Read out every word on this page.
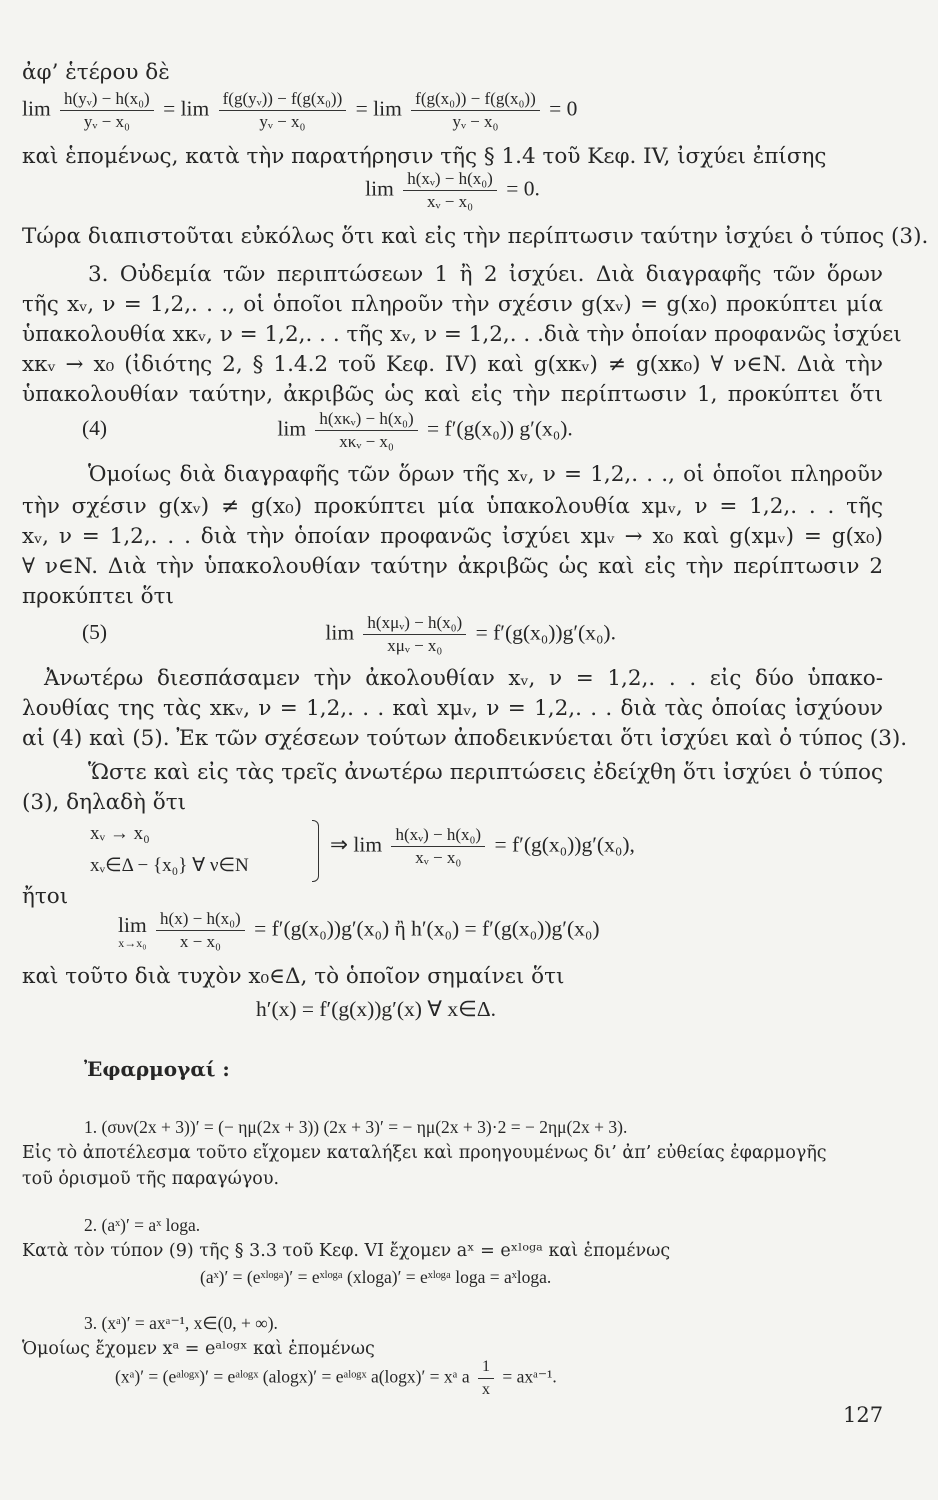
ἀφ’ ἑτέρου δὲ
$\lim \frac{\text{h(yᵥ) − h(x₀)}}{\text{yᵥ − x₀}} = \lim \frac{\text{f(g(yᵥ)) − f(g(x₀))}}{\text{yᵥ − x₀}} = \lim \frac{\text{f(g(x₀)) − f(g(x₀))}}{\text{yᵥ − x₀}} = 0$
καὶ ἑπομένως, κατὰ τὴν παρατήρησιν τῆς § 1.4 τοῦ Κεφ. IV, ἰσχύει ἐπίσης
$\lim \frac{\text{h(xᵥ) − h(x₀)}}{\text{xᵥ − x₀}} = 0$.
Τώρα διαπιστοῦται εὐκόλως ὅτι καὶ εἰς τὴν περίπτωσιν ταύτην ἰσχύει ὁ τύπος (3).
3. Οὐδεμία τῶν περιπτώσεων 1 ἢ 2 ἰσχύει. Διὰ διαγραφῆς τῶν ὅρων
τῆς xᵥ, ν = 1,2,. . ., οἱ ὁποῖοι πληροῦν τὴν σχέσιν g(xᵥ) = g(x₀) προκύπτει μία
ὑπακολουθία xκᵥ, ν = 1,2,. . . τῆς xᵥ, ν = 1,2,. . .διὰ τὴν ὁποίαν προφανῶς ἰσχύει
xκᵥ → x₀ (ἰδιότης 2, § 1.4.2 τοῦ Κεφ. IV) καὶ g(xκᵥ) ≠ g(xκ₀) ∀ ν∈N. Διὰ τὴν
ὑπακολουθίαν ταύτην, ἀκριβῶς ὡς καὶ εἰς τὴν περίπτωσιν 1, προκύπτει ὅτι
(4)	lim h(xκᵥ) − h(x₀)
xκᵥ − x₀
= f′(g(x₀)) g′(x₀).
Ὁμοίως διὰ διαγραφῆς τῶν ὅρων τῆς xᵥ, ν = 1,2,. . ., οἱ ὁποῖοι πληροῦν
τὴν σχέσιν g(xᵥ) ≠ g(x₀) προκύπτει μία ὑπακολουθία xμᵥ, ν = 1,2,. . . τῆς
xᵥ, ν = 1,2,. . . διὰ τὴν ὁποίαν προφανῶς ἰσχύει xμᵥ → x₀ καὶ g(xμᵥ) = g(x₀)
∀ ν∈N. Διὰ τὴν ὑπακολουθίαν ταύτην ἀκριβῶς ὡς καὶ εἰς τὴν περίπτωσιν 2
προκύπτει ὅτι
(5)	lim h(xμᵥ) − h(x₀)
xμᵥ − x₀
= f′(g(x₀))g′(x₀).
Ἀνωτέρω διεσπάσαμεν τὴν ἀκολουθίαν xᵥ, ν = 1,2,. . . εἰς δύο ὑπακο-
λουθίας της τὰς xκᵥ, ν = 1,2,. . . καὶ xμᵥ, ν = 1,2,. . . διὰ τὰς ὁποίας ἰσχύουν
αἱ (4) καὶ (5). Ἐκ τῶν σχέσεων τούτων ἀποδεικνύεται ὅτι ἰσχύει καὶ ὁ τύπος (3).
Ὥστε καὶ εἰς τὰς τρεῖς ἀνωτέρω περιπτώσεις ἐδείχθη ὅτι ἰσχύει ὁ τύπος
(3), δηλαδὴ ὅτι
xᵥ → x₀
xᵥ∈Δ − {x₀} ∀ ν∈N
⇒ $\lim \frac{\text{h(xᵥ) − h(x₀)}}{\text{xᵥ − x₀}} = f'(g(x_0))g'(x_0)$,
ἤτοι
lim
x→x₀
$\frac{\text{h(x) − h(x₀)}}{\text{x − x₀}} = f'(g(x_0))g'(x_0)$ ἢ h′(x₀) = f′(g(x₀))g′(x₀)
καὶ τοῦτο διὰ τυχὸν x₀∈Δ, τὸ ὁποῖον σημαίνει ὅτι
h′(x) = f′(g(x))g′(x) ∀ x∈Δ.
Ἐφαρμογαί :
1. (συν(2x + 3))′ = (− ημ(2x + 3)) (2x + 3)′ = − ημ(2x + 3)·2 = − 2ημ(2x + 3).
Εἰς τὸ ἀποτέλεσμα τοῦτο εἴχομεν καταλήξει καὶ προηγουμένως δι’ ἀπ’ εὐθείας ἐφαρμογῆς
τοῦ ὁρισμοῦ τῆς παραγώγου.
2. (aˣ)′ = aˣ loga.
Κατὰ τὸν τύπον (9) τῆς § 3.3 τοῦ Κεφ. VI ἔχομεν aˣ = eˣˡᵒᵍᵃ καὶ ἑπομένως
(aˣ)′ = (eˣˡᵒᵍᵃ)′ = eˣˡᵒᵍᵃ (xloga)′ = eˣˡᵒᵍᵃ loga = aˣloga.
3. (xᵃ)′ = axᵃ⁻¹, x∈(0, + ∞).
Ὁμοίως ἔχομεν xᵃ = eᵃˡᵒᵍˣ καὶ ἑπομένως
(xᵃ)′ = (eᵃˡᵒᵍˣ)′ = eᵃˡᵒᵍˣ (alogx)′ = eᵃˡᵒᵍˣ a(logx)′ = xᵃ a $\frac{1}{x}$ = axᵃ⁻¹.
127
